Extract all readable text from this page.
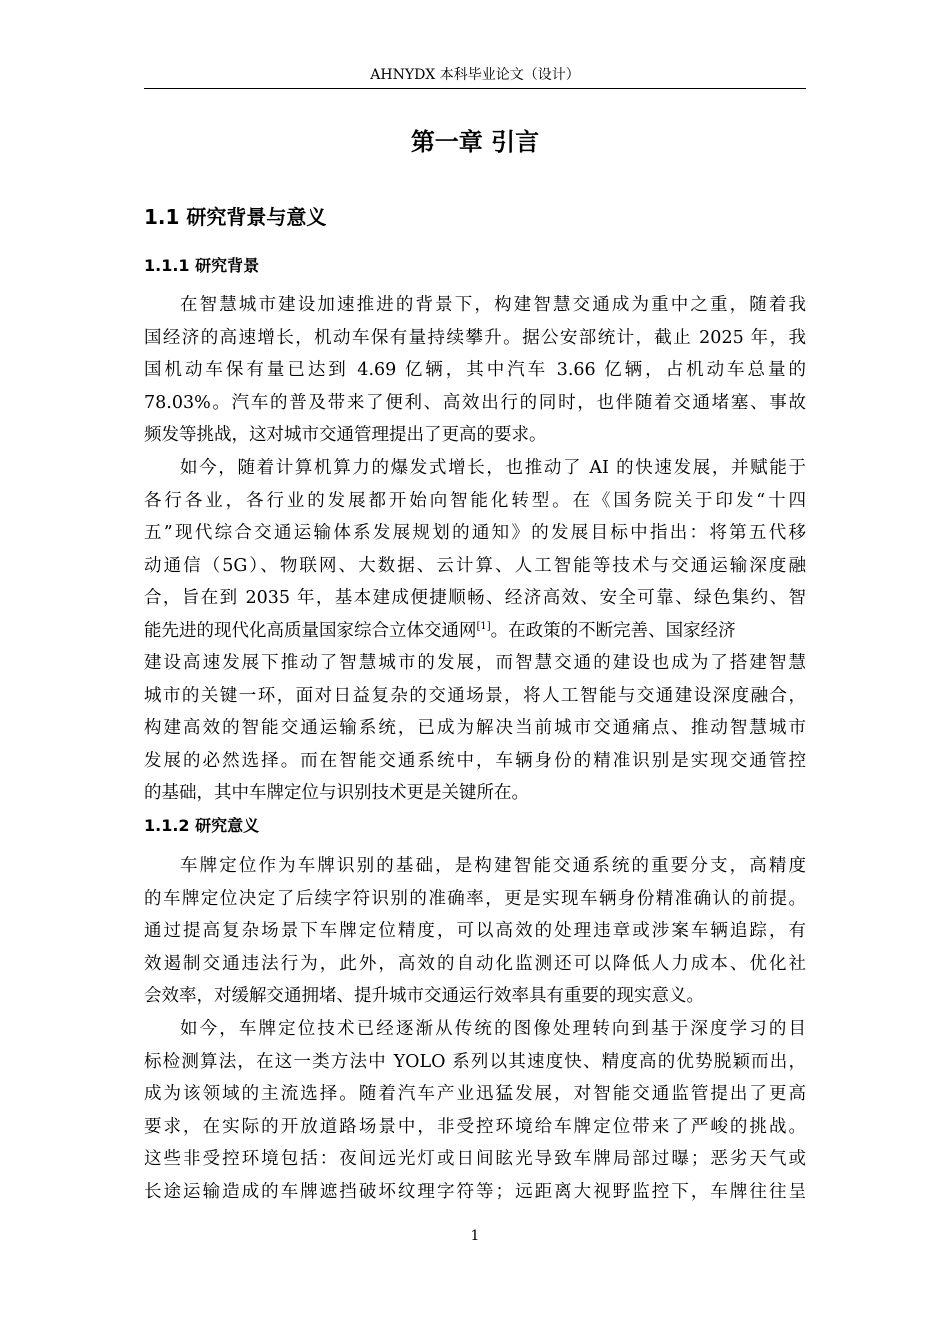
AHNYDX 本科毕业论文（设计）
第一章 引言
1.1 研究背景与意义
1.1.1 研究背景
在智慧城市建设加速推进的背景下，构建智慧交通成为重中之重，随着我
国经济的高速增长，机动车保有量持续攀升。据公安部统计，截止 2025 年，我
国机动车保有量已达到 4.69 亿辆，其中汽车 3.66 亿辆，占机动车总量的
78.03%。汽车的普及带来了便利、高效出行的同时，也伴随着交通堵塞、事故
频发等挑战，这对城市交通管理提出了更高的要求。
如今，随着计算机算力的爆发式增长，也推动了 AI 的快速发展，并赋能于
各行各业，各行业的发展都开始向智能化转型。在《国务院关于印发“十四
五”现代综合交通运输体系发展规划的通知》的发展目标中指出：将第五代移
动通信（5G）、物联网、大数据、云计算、人工智能等技术与交通运输深度融
合，旨在到 2035 年，基本建成便捷顺畅、经济高效、安全可靠、绿色集约、智
能先进的现代化高质量国家综合立体交通网[1]。在政策的不断完善、国家经济
建设高速发展下推动了智慧城市的发展，而智慧交通的建设也成为了搭建智慧
城市的关键一环，面对日益复杂的交通场景，将人工智能与交通建设深度融合，
构建高效的智能交通运输系统，已成为解决当前城市交通痛点、推动智慧城市
发展的必然选择。而在智能交通系统中，车辆身份的精准识别是实现交通管控
的基础，其中车牌定位与识别技术更是关键所在。
1.1.2 研究意义
车牌定位作为车牌识别的基础，是构建智能交通系统的重要分支，高精度
的车牌定位决定了后续字符识别的准确率，更是实现车辆身份精准确认的前提。
通过提高复杂场景下车牌定位精度，可以高效的处理违章或涉案车辆追踪，有
效遏制交通违法行为，此外，高效的自动化监测还可以降低人力成本、优化社
会效率，对缓解交通拥堵、提升城市交通运行效率具有重要的现实意义。
如今，车牌定位技术已经逐渐从传统的图像处理转向到基于深度学习的目
标检测算法，在这一类方法中 YOLO 系列以其速度快、精度高的优势脱颖而出，
成为该领域的主流选择。随着汽车产业迅猛发展，对智能交通监管提出了更高
要求，在实际的开放道路场景中，非受控环境给车牌定位带来了严峻的挑战。
这些非受控环境包括：夜间远光灯或日间眩光导致车牌局部过曝；恶劣天气或
长途运输造成的车牌遮挡破坏纹理字符等；远距离大视野监控下，车牌往往呈
1
